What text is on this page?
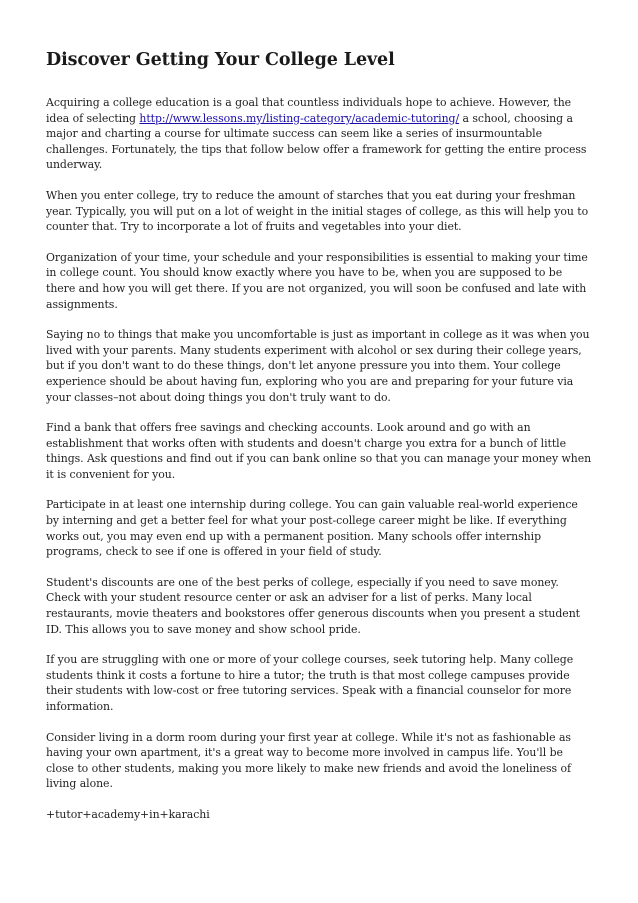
Discover Getting Your College Level

Acquiring a college education is a goal that countless individuals hope to achieve. However, the idea of selecting http://www.lessons.my/listing-category/academic-tutoring/ a school, choosing a major and charting a course for ultimate success can seem like a series of insurmountable challenges. Fortunately, the tips that follow below offer a framework for getting the entire process underway.

When you enter college, try to reduce the amount of starches that you eat during your freshman year. Typically, you will put on a lot of weight in the initial stages of college, as this will help you to counter that. Try to incorporate a lot of fruits and vegetables into your diet.

Organization of your time, your schedule and your responsibilities is essential to making your time in college count. You should know exactly where you have to be, when you are supposed to be there and how you will get there. If you are not organized, you will soon be confused and late with assignments.

Saying no to things that make you uncomfortable is just as important in college as it was when you lived with your parents. Many students experiment with alcohol or sex during their college years, but if you don't want to do these things, don't let anyone pressure you into them. Your college experience should be about having fun, exploring who you are and preparing for your future via your classes–not about doing things you don't truly want to do.

Find a bank that offers free savings and checking accounts. Look around and go with an establishment that works often with students and doesn't charge you extra for a bunch of little things. Ask questions and find out if you can bank online so that you can manage your money when it is convenient for you.

Participate in at least one internship during college. You can gain valuable real-world experience by interning and get a better feel for what your post-college career might be like. If everything works out, you may even end up with a permanent position. Many schools offer internship programs, check to see if one is offered in your field of study.

Student's discounts are one of the best perks of college, especially if you need to save money. Check with your student resource center or ask an adviser for a list of perks. Many local restaurants, movie theaters and bookstores offer generous discounts when you present a student ID. This allows you to save money and show school pride.

If you are struggling with one or more of your college courses, seek tutoring help. Many college students think it costs a fortune to hire a tutor; the truth is that most college campuses provide their students with low-cost or free tutoring services. Speak with a financial counselor for more information.

Consider living in a dorm room during your first year at college. While it's not as fashionable as having your own apartment, it's a great way to become more involved in campus life. You'll be close to other students, making you more likely to make new friends and avoid the loneliness of living alone.

+tutor+academy+in+karachi
